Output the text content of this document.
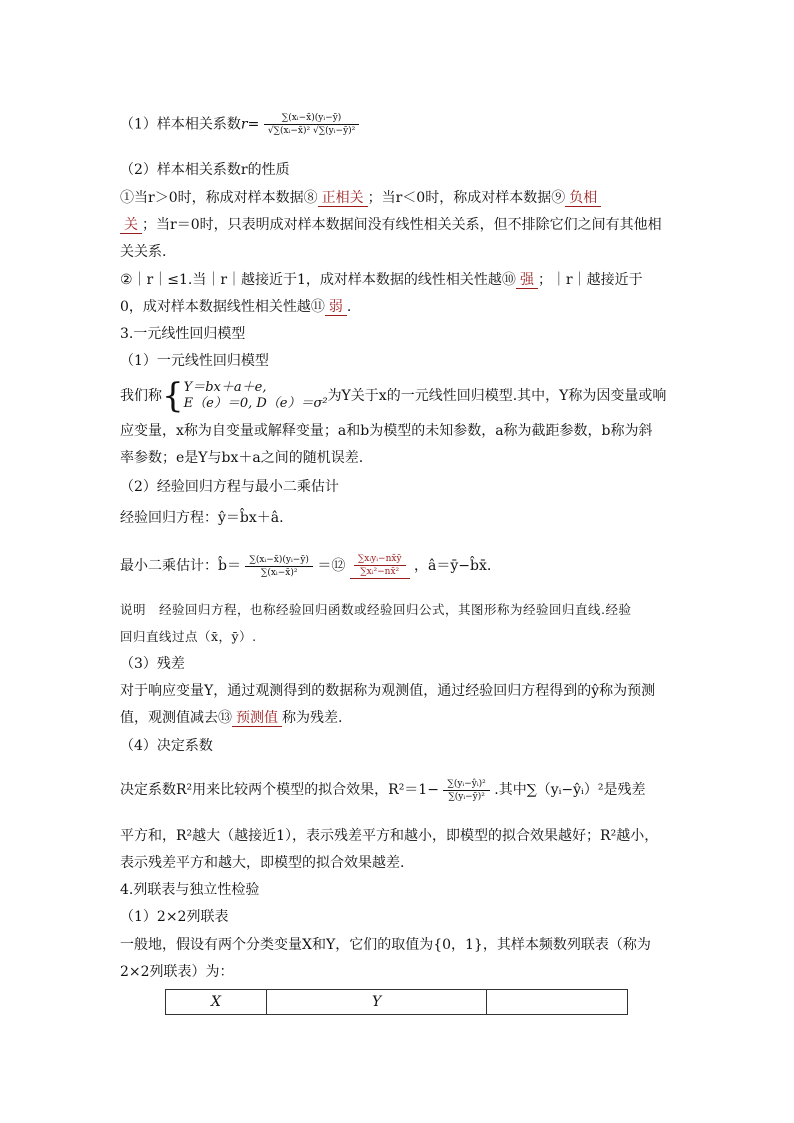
（1）样本相关系数$r= \frac{\text{∑(xᵢ−x̄)(yᵢ−ȳ)}}{\text{√∑(xᵢ−x̄)² √∑(yᵢ−ȳ)²}}$
（2）样本相关系数r的性质
①当r＞0时，称成对样本数据⑧ 正相关 ；当r＜0时，称成对样本数据⑨ 负相
关 ；当r＝0时，只表明成对样本数据间没有线性相关关系，但不排除它们之间有其他相
关关系.
②｜r｜≤1.当｜r｜越接近于1，成对样本数据的线性相关性越⑩ 强 ；｜r｜越接近于
0，成对样本数据线性相关性越⑪ 弱 .
3.一元线性回归模型
（1）一元线性回归模型
我们称{ Y＝bx＋a＋e,
E（e）＝0, D（e）＝σ² 为Y关于x的一元线性回归模型.其中，Y称为因变量或响
应变量，x称为自变量或解释变量；a和b为模型的未知参数，a称为截距参数，b称为斜
率参数；e是Y与bx＋a之间的随机误差.
（2）经验回归方程与最小二乘估计
经验回归方程：ŷ＝b̂x＋â.
最小二乘估计：b̂＝ $\frac{\text{∑(xᵢ−x̄)(yᵢ−ȳ)}}{\text{∑(xᵢ−x̄)²}}$ ＝⑫ $\frac{\text{∑xᵢyᵢ−nx̄ȳ}}{\text{∑xᵢ²−nx̄²}}$ ，â＝ȳ−b̂x̄.
说明　经验回归方程，也称经验回归函数或经验回归公式，其图形称为经验回归直线.经验
回归直线过点（x̄，ȳ）.
（3）残差
对于响应变量Y，通过观测得到的数据称为观测值，通过经验回归方程得到的ŷ称为预测
值，观测值减去⑬ 预测值 称为残差.
（4）决定系数
决定系数R²用来比较两个模型的拟合效果，$R^2=1- \frac{\text{∑(yᵢ−ŷᵢ)²}}{\text{∑(yᵢ−ȳ)²}}$ .其中∑（yᵢ−ŷᵢ）²是残差
平方和，R²越大（越接近1），表示残差平方和越小，即模型的拟合效果越好；R²越小，
表示残差平方和越大，即模型的拟合效果越差.
4.列联表与独立性检验
（1）2×2列联表
一般地，假设有两个分类变量X和Y，它们的取值为{0，1}，其样本频数列联表（称为
2×2列联表）为：
X	Y	
